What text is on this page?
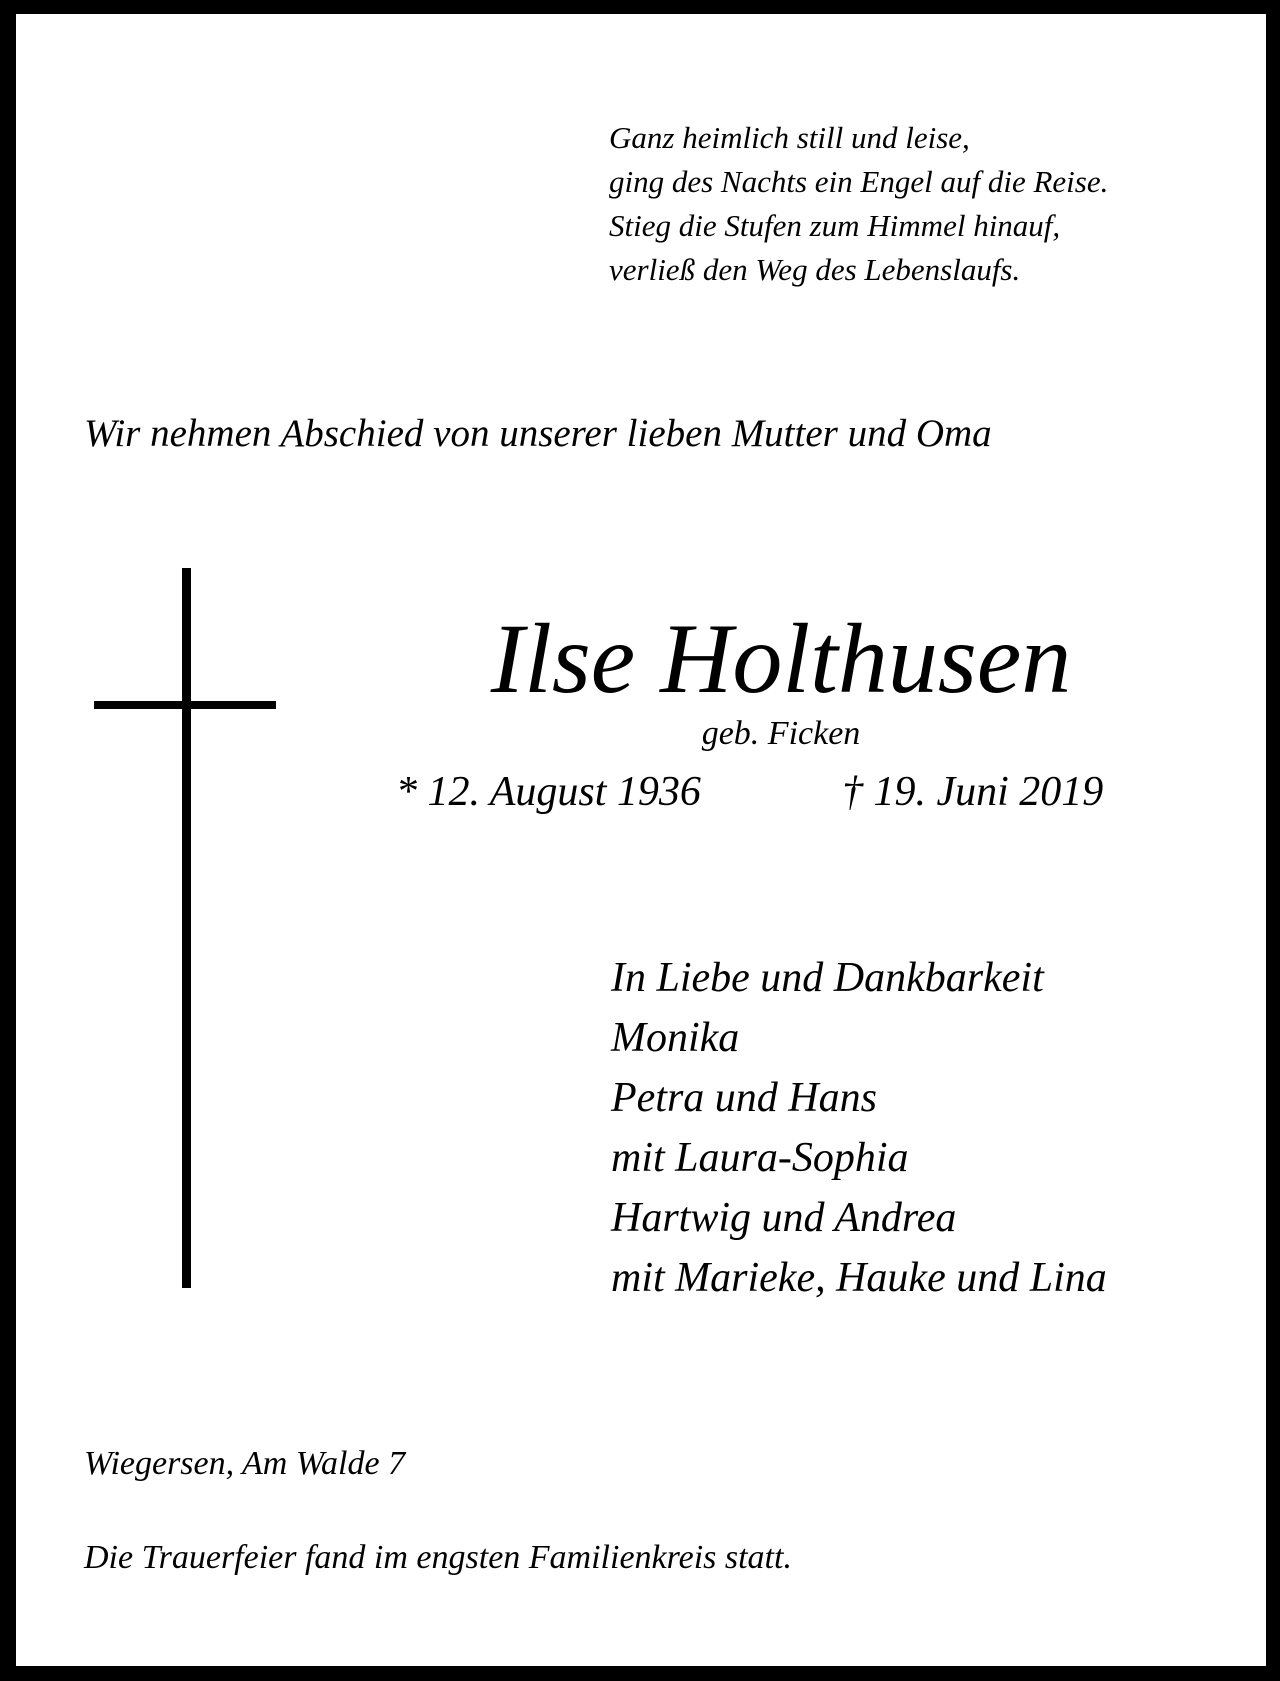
Ganz heimlich still und leise,
ging des Nachts ein Engel auf die Reise.
Stieg die Stufen zum Himmel hinauf,
verließ den Weg des Lebenslaufs.
Wir nehmen Abschied von unserer lieben Mutter und Oma
Ilse Holthusen
geb. Ficken
* 12. August 1936	† 19. Juni 2019
In Liebe und Dankbarkeit
Monika
Petra und Hans
mit Laura-Sophia
Hartwig und Andrea
mit Marieke, Hauke und Lina
Wiegersen, Am Walde 7
Die Trauerfeier fand im engsten Familienkreis statt.
